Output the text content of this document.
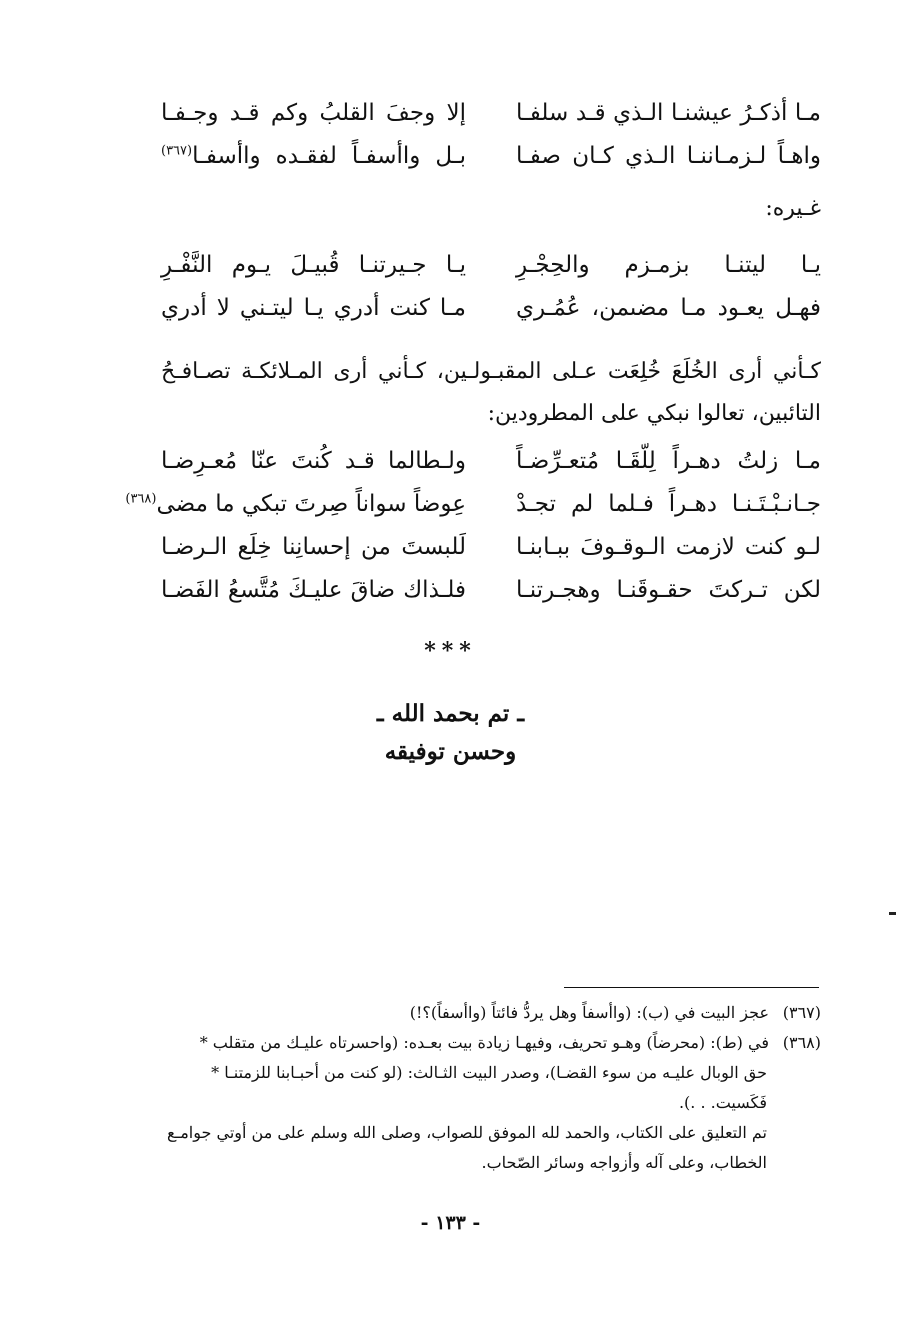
مـا أذكـرُ عيشنـا الـذي قـد سلفـا
إلا وجفَ القلبُ وكم قـد وجـفـا
واهـاً لـزمـاننـا الـذي كـان صفـا
بـل واأسفـاً لفقـده واأسفـا$^{(٣٦٧)}$
غـيره:
يـا ليتنـا بزمـزم والحِجْـرِ
يـا جـيرتنـا قُبيـلَ يـوم النَّفْـرِ
فهـل يعـود مـا مضىمن، عُمُـري
مـا كنت أدري يـا ليتـني لا أدري
كـأني أرى الخُلَعَ خُلِعَت عـلى المقبـولـين، كـأني أرى المـلائكـة تصـافـحُ
التائبين، تعالوا نبكي على المطرودين:
مـا زلتُ دهـراً لِلّقَـا مُتعـرِّضـاً
ولـطالما قـد كُنتَ عنّا مُعـرِضـا
جـانـبْـتَـنـا دهـراً فـلما لم تجـدْ
عِوضاً سواناً صِرتَ تبكي ما مضى$^{(٣٦٨)}$
لـو كنت لازمت الـوقـوفَ ببـابنـا
لَلبستَ من إحسانِنا خِلَع الـرضـا
لكن تـركتَ حقـوقَنـا وهجـرتنـا
فلـذاك ضاقَ عليـكَ مُتَّسعُ الفَضـا
***
ـ تم بحمد الله ـ
وحسن توفيقه
(٣٦٧)عجز البيت في (ب): (واأسفاً وهل يردُّ فائتاً (واأسفاً)؟!)
(٣٦٨)في (ط): (محرضاً) وهـو تحريف، وفيهـا زيادة بيت بعـده: (واحسرتاه عليـك من متقلب *
حق الوبال عليـه من سوء القضـا)، وصدر البيت الثـالث: (لو كنت من أحبـابنا للزمتنـا *
فَكَسيت. . .).
تم التعليق على الكتاب، والحمد لله الموفق للصواب، وصلى الله وسلم على من أوتي جوامـع
الخطاب، وعلى آله وأزواجه وسائر الصّحاب.
- ١٣٣ -
